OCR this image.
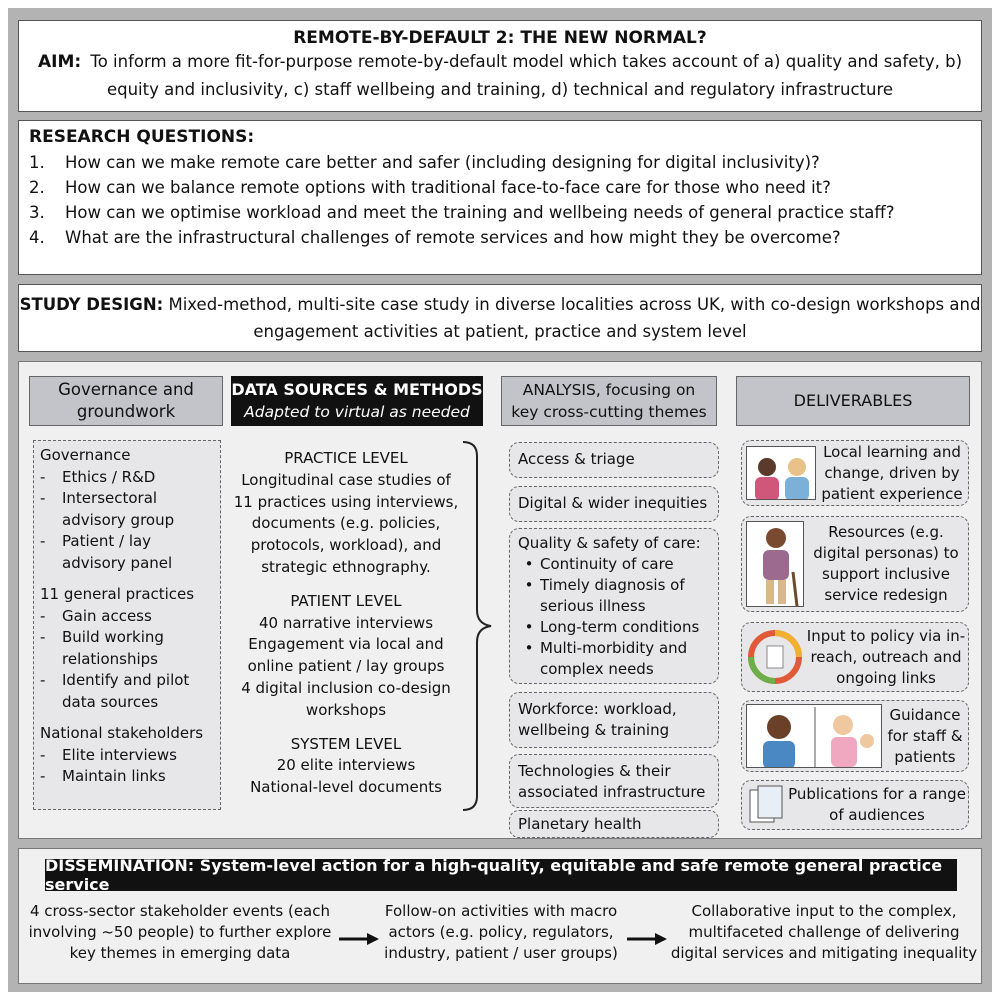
REMOTE-BY-DEFAULT 2: THE NEW NORMAL?
AIM: To inform a more fit-for-purpose remote-by-default model which takes account of a) quality and safety, b) equity and inclusivity, c) staff wellbeing and training, d) technical and regulatory infrastructure
RESEARCH QUESTIONS:
1.	How can we make remote care better and safer (including designing for digital inclusivity)?
2.	How can we balance remote options with traditional face-to-face care for those who need it?
3.	How can we optimise workload and meet the training and wellbeing needs of general practice staff?
4.	What are the infrastructural challenges of remote services and how might they be overcome?
STUDY DESIGN: Mixed-method, multi-site case study in diverse localities across UK, with co-design workshops and engagement activities at patient, practice and system level
Governance and
groundwork
DATA SOURCES & METHODS
Adapted to virtual as needed
ANALYSIS, focusing on
key cross-cutting themes
DELIVERABLES
Governance
-	Ethics / R&D
-	Intersectoral advisory group
-	Patient / lay advisory panel
11 general practices
-	Gain access
-	Build working relationships
-	Identify and pilot data sources
National stakeholders
-	Elite interviews
-	Maintain links
PRACTICE LEVEL
Longitudinal case studies of 11 practices using interviews, documents (e.g. policies, protocols, workload), and strategic ethnography.
PATIENT LEVEL
40 narrative interviews
Engagement via local and online patient / lay groups
4 digital inclusion co-design workshops
SYSTEM LEVEL
20 elite interviews
National-level documents
Access & triage
Digital & wider inequities
Quality & safety of care:
• Continuity of care
• Timely diagnosis of serious illness
• Long-term conditions
• Multi-morbidity and complex needs
Workforce: workload, wellbeing & training
Technologies & their associated infrastructure
Planetary health
Local learning and change, driven by patient experience
Resources (e.g. digital personas) to support inclusive service redesign
Input to policy via in-reach, outreach and ongoing links
Guidance for staff & patients
Publications for a range of audiences
DISSEMINATION: System-level action for a high-quality, equitable and safe remote general practice service
4 cross-sector stakeholder events (each involving ~50 people) to further explore key themes in emerging data
Follow-on activities with macro actors (e.g. policy, regulators, industry, patient / user groups)
Collaborative input to the complex, multifaceted challenge of delivering digital services and mitigating inequality
